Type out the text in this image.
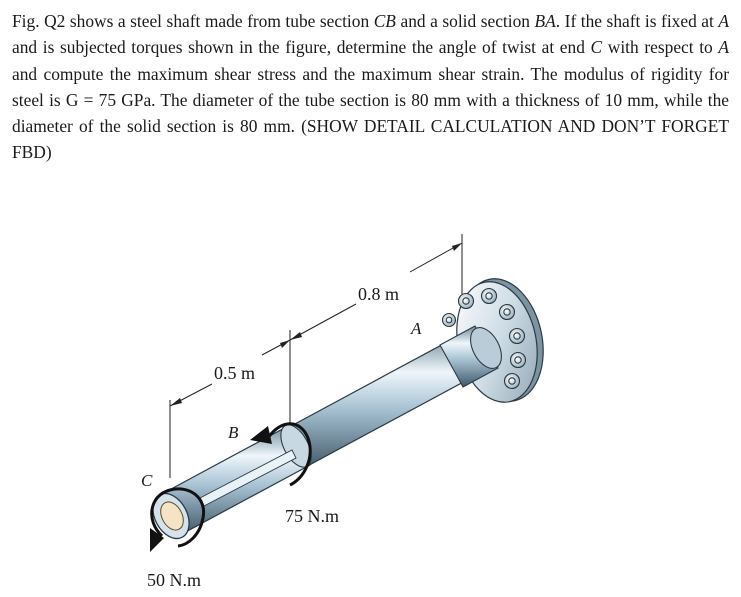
Fig. Q2 shows a steel shaft made from tube section CB and a solid section BA. If the shaft is fixed at A and is subjected torques shown in the figure, determine the angle of twist at end C with respect to A and compute the maximum shear stress and the maximum shear strain. The modulus of rigidity for steel is G = 75 GPa. The diameter of the tube section is 80 mm with a thickness of 10 mm, while the diameter of the solid section is 80 mm. (SHOW DETAIL CALCULATION AND DON’T FORGET FBD)

0.8 m
0.5 m
A
B
C
75 N.m
50 N.m
